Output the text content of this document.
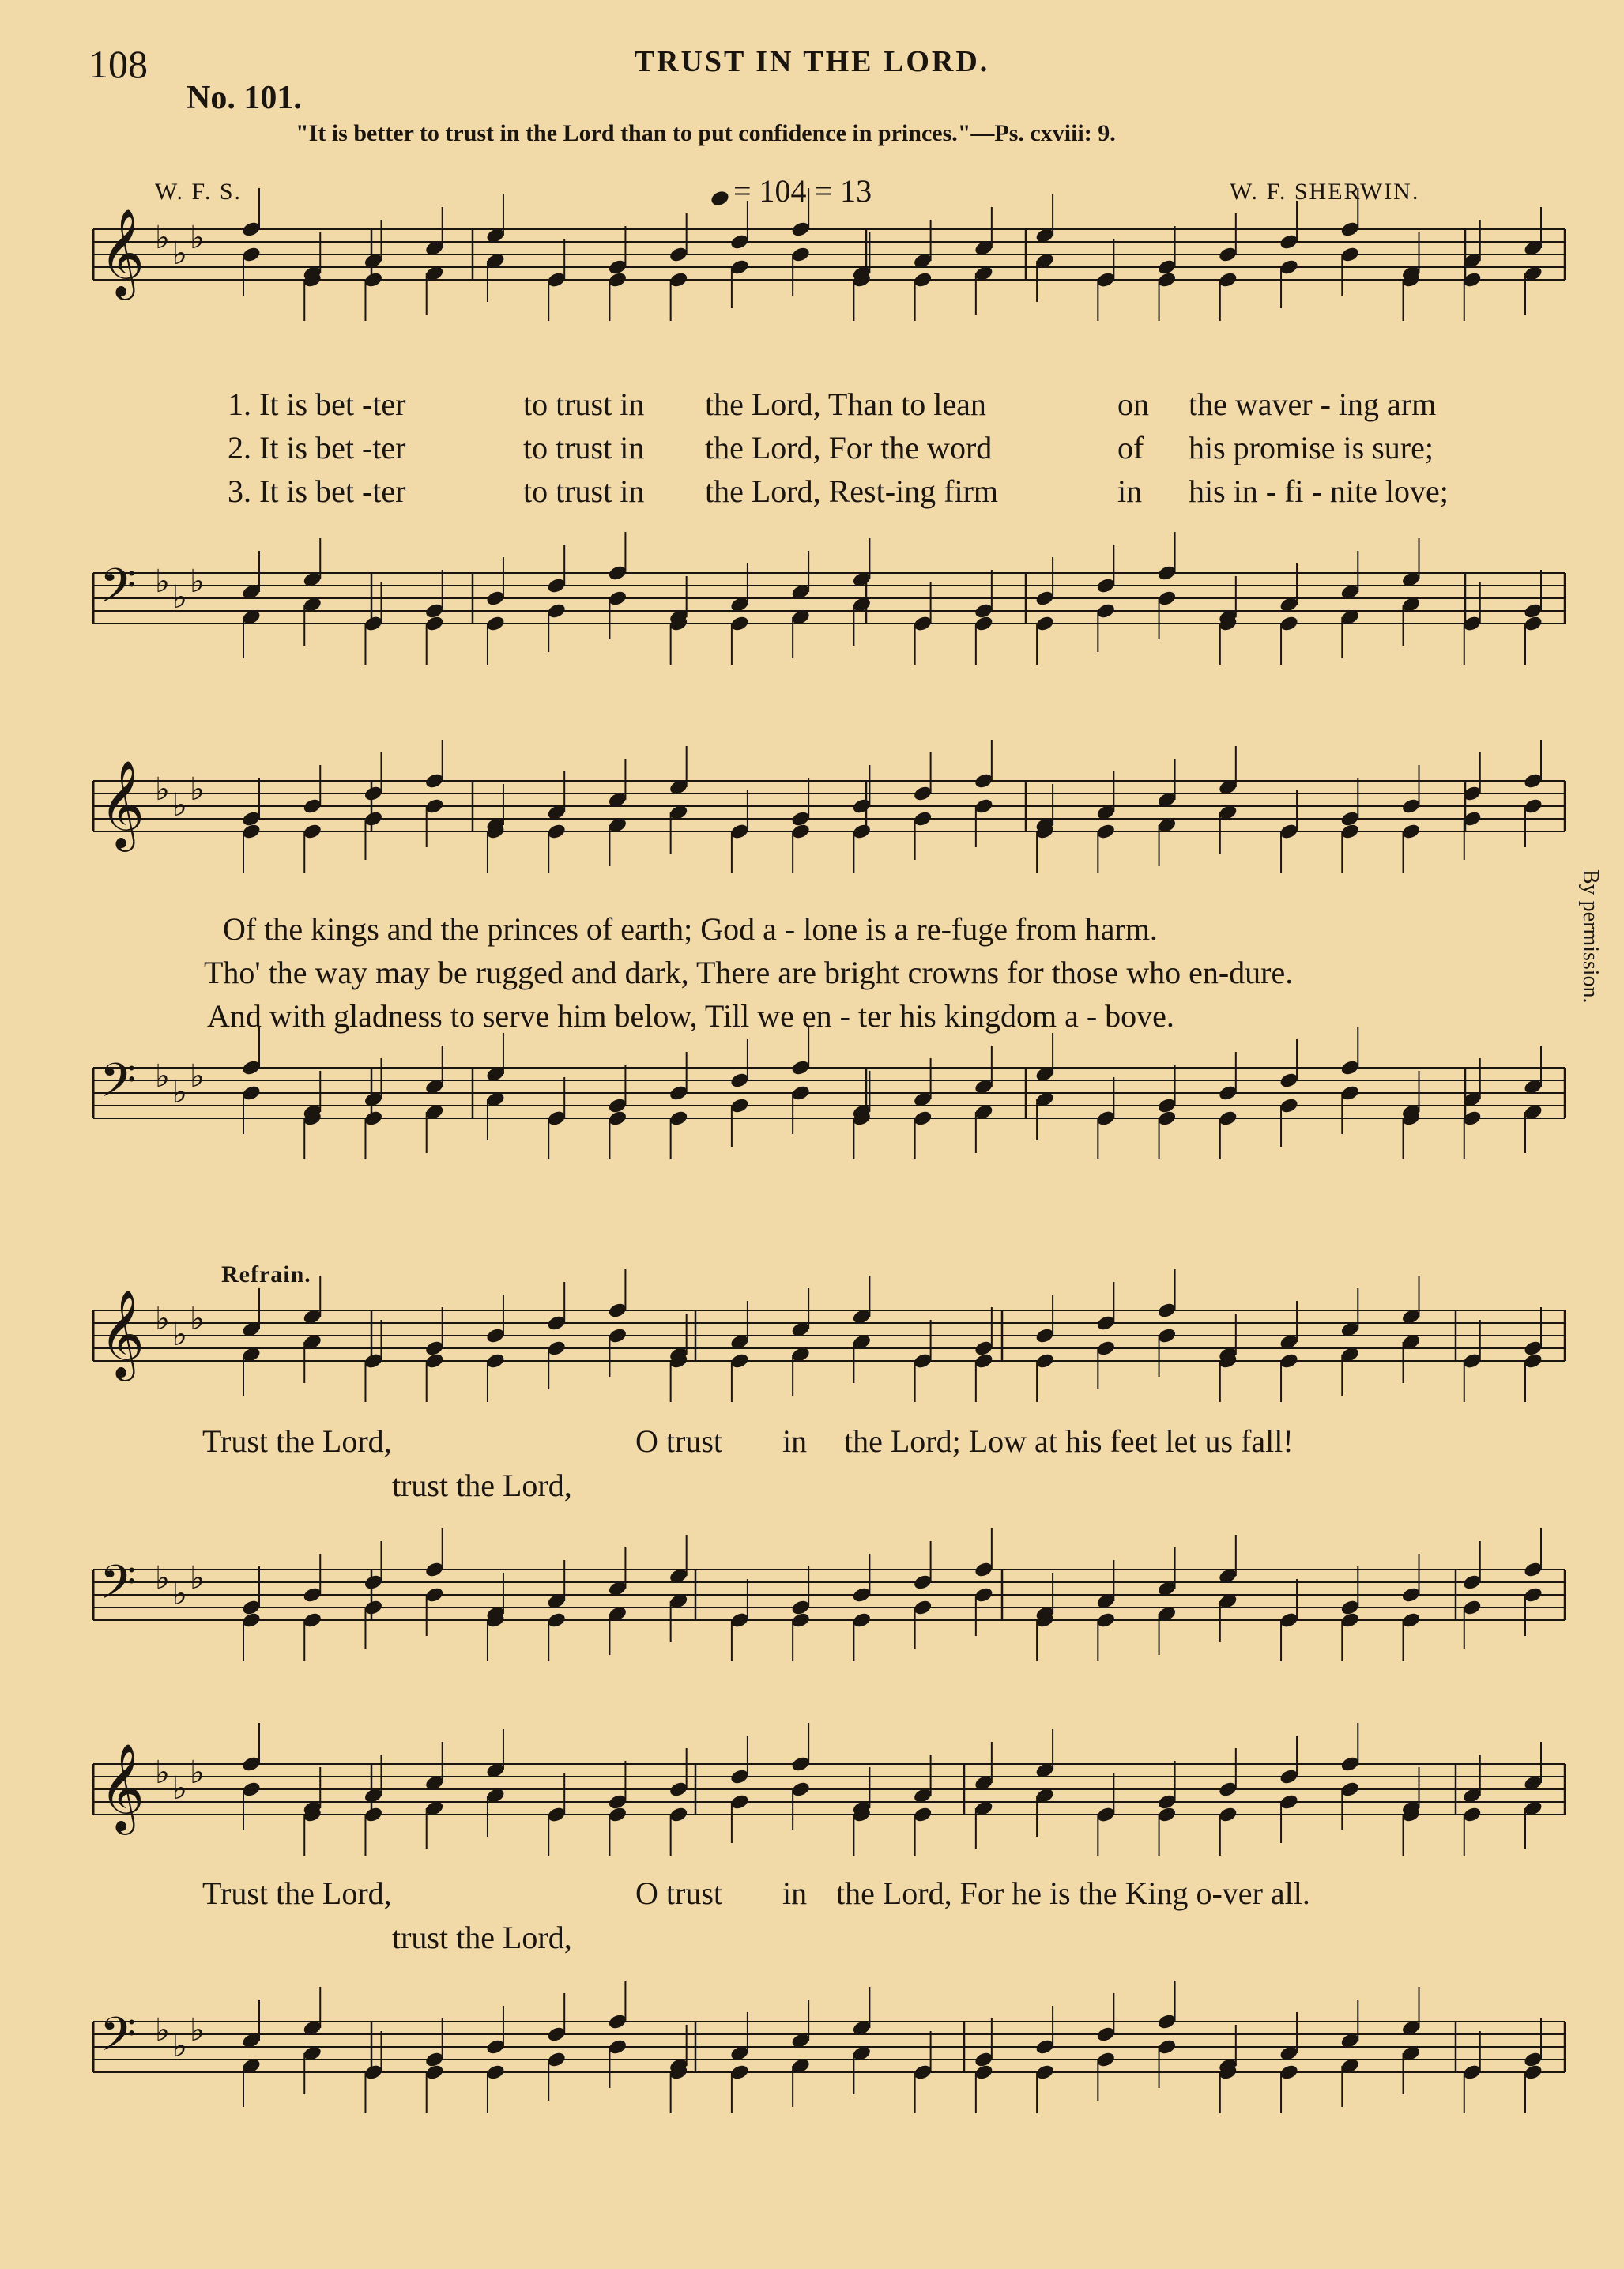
108	TRUST IN THE LORD.
No. 101.
"It is better to trust in the Lord than to put confidence in princes."—Ps. cxviii: 9.
W. F. S.	= 104 = 13	W. F. SHERWIN.
𝄞 ♭ ♭ ♭
𝄢 ♭ ♭ ♭
𝄞 ♭ ♭ ♭
𝄢 ♭ ♭ ♭
𝄞 ♭ ♭ ♭
𝄢 ♭ ♭ ♭
𝄞 ♭ ♭ ♭
𝄢 ♭ ♭ ♭
1. It is bet -ter	to trust in the Lord, Than to lean	on the waver - ing arm
2. It is bet -ter	to trust in the Lord, For the word	of his promise is sure;
3. It is bet -ter	to trust in the Lord, Rest-ing firm	in his in - fi - nite love;
Of the kings and the princes of earth; God a - lone is a re-fuge from harm.
Tho' the way may be rugged and dark, There are bright crowns for those who en-dure.
And with gladness to serve him below, Till we en - ter his kingdom a - bove.
By permission.
Refrain.
Trust the Lord,	O trust in the Lord; Low at his feet let us fall!
trust the Lord,
Trust the Lord,	O trust in the Lord, For he is the King o-ver all.
trust the Lord,
